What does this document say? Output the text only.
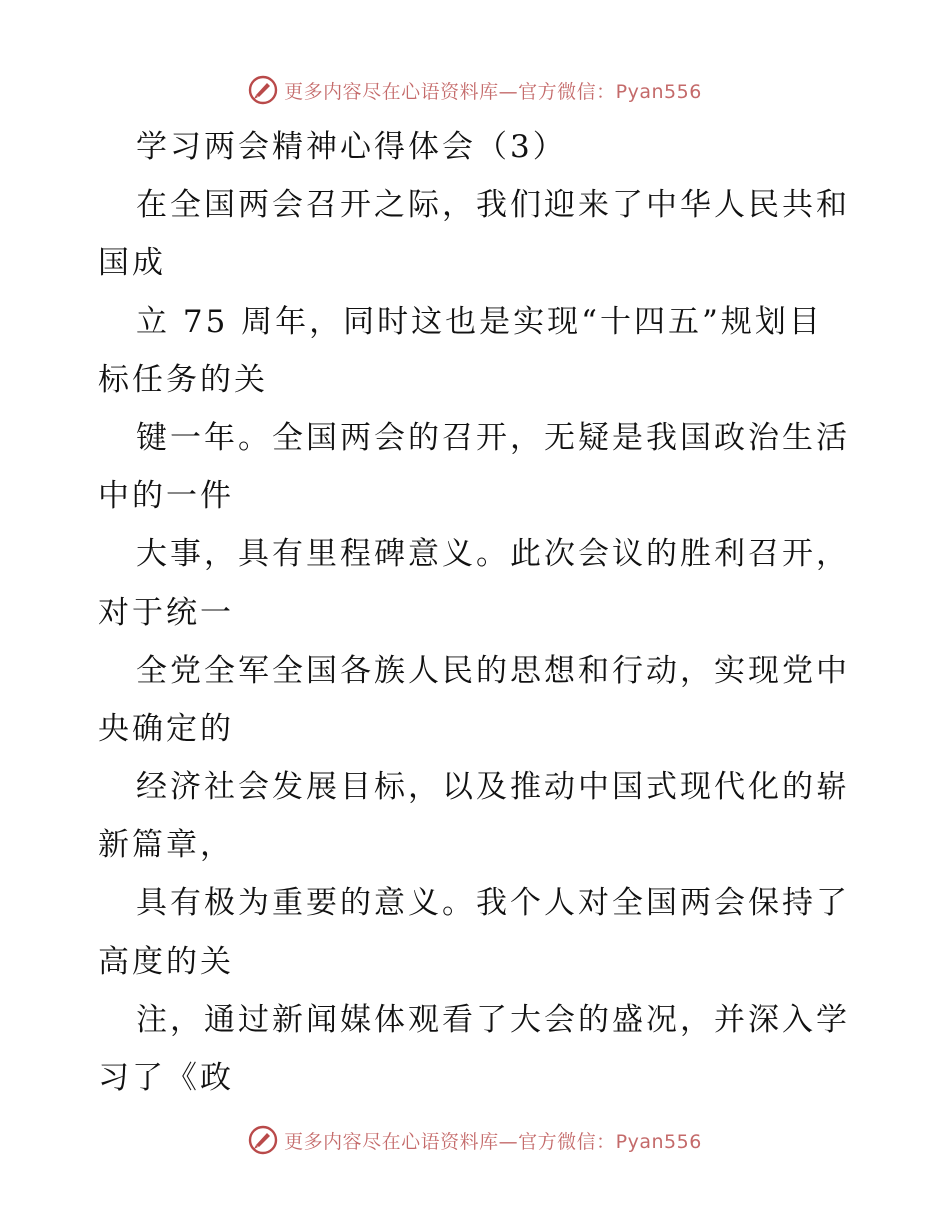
更多内容尽在心语资料库—官方微信：Pyan556
学习两会精神心得体会（3）
在全国两会召开之际，我们迎来了中华人民共和
国成
立 75 周年，同时这也是实现“十四五”规划目
标任务的关
键一年。全国两会的召开，无疑是我国政治生活
中的一件
大事，具有里程碑意义。此次会议的胜利召开，
对于统一
全党全军全国各族人民的思想和行动，实现党中
央确定的
经济社会发展目标，以及推动中国式现代化的崭
新篇章，
具有极为重要的意义。我个人对全国两会保持了
高度的关
注，通过新闻媒体观看了大会的盛况，并深入学
习了《政
更多内容尽在心语资料库—官方微信：Pyan556
